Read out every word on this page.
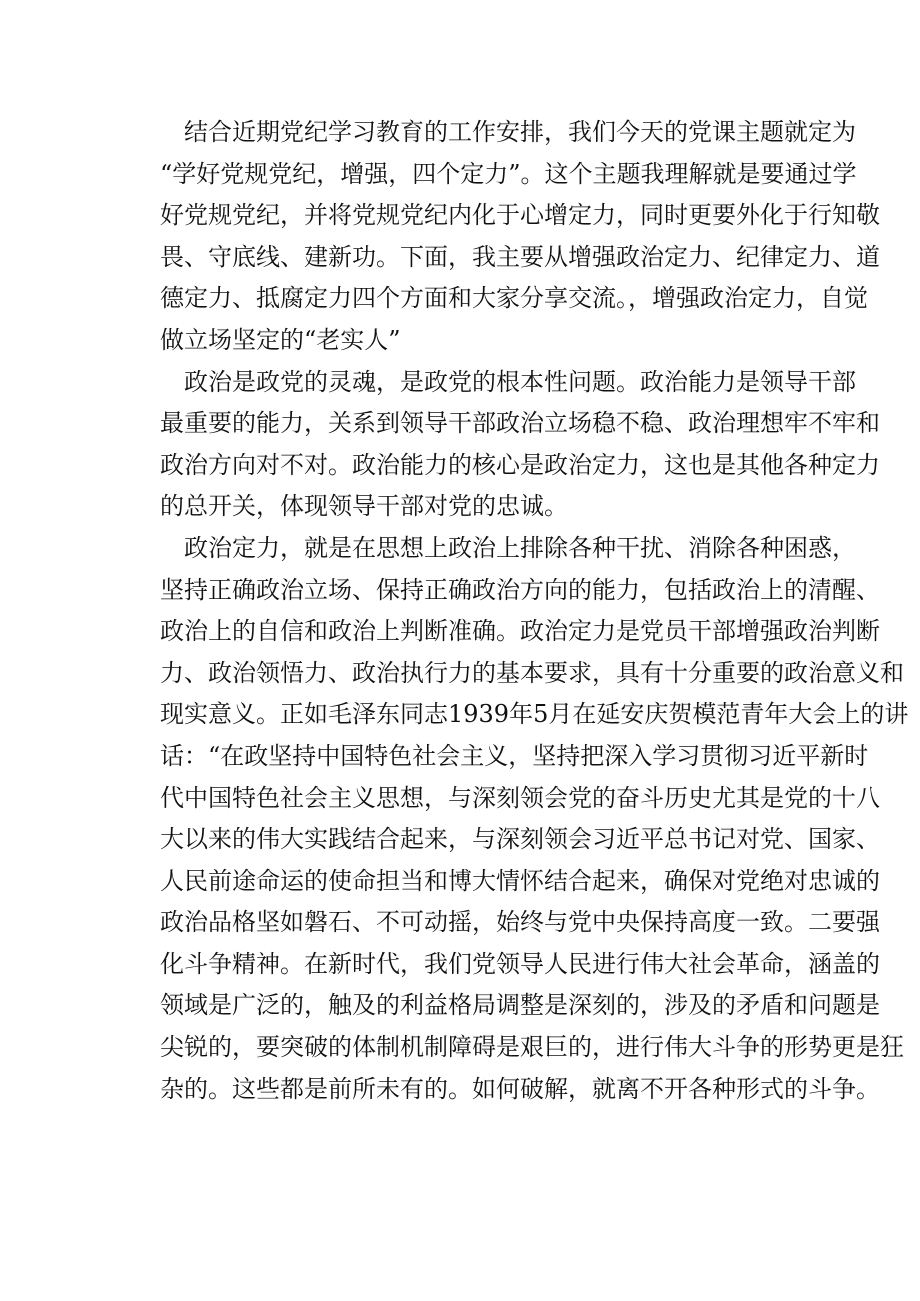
结合近期党纪学习教育的工作安排，我们今天的党课主题就定为
“学好党规党纪，增强，四个定力”。这个主题我理解就是要通过学
好党规党纪，并将党规党纪内化于心增定力，同时更要外化于行知敬
畏、守底线、建新功。下面，我主要从增强政治定力、纪律定力、道
德定力、抵腐定力四个方面和大家分享交流。，增强政治定力，自觉
做立场坚定的“老实人”
政治是政党的灵魂，是政党的根本性问题。政治能力是领导干部
最重要的能力，关系到领导干部政治立场稳不稳、政治理想牢不牢和
政治方向对不对。政治能力的核心是政治定力，这也是其他各种定力
的总开关，体现领导干部对党的忠诚。
政治定力，就是在思想上政治上排除各种干扰、消除各种困惑，
坚持正确政治立场、保持正确政治方向的能力，包括政治上的清醒、
政治上的自信和政治上判断准确。政治定力是党员干部增强政治判断
力、政治领悟力、政治执行力的基本要求，具有十分重要的政治意义和
现实意义。正如毛泽东同志1939年5月在延安庆贺模范青年大会上的讲
话：“在政坚持中国特色社会主义，坚持把深入学习贯彻习近平新时
代中国特色社会主义思想，与深刻领会党的奋斗历史尤其是党的十八
大以来的伟大实践结合起来，与深刻领会习近平总书记对党、国家、
人民前途命运的使命担当和博大情怀结合起来，确保对党绝对忠诚的
政治品格坚如磐石、不可动摇，始终与党中央保持高度一致。二要强
化斗争精神。在新时代，我们党领导人民进行伟大社会革命，涵盖的
领域是广泛的，触及的利益格局调整是深刻的，涉及的矛盾和问题是
尖锐的，要突破的体制机制障碍是艰巨的，进行伟大斗争的形势更是狂
杂的。这些都是前所未有的。如何破解，就离不开各种形式的斗争。
